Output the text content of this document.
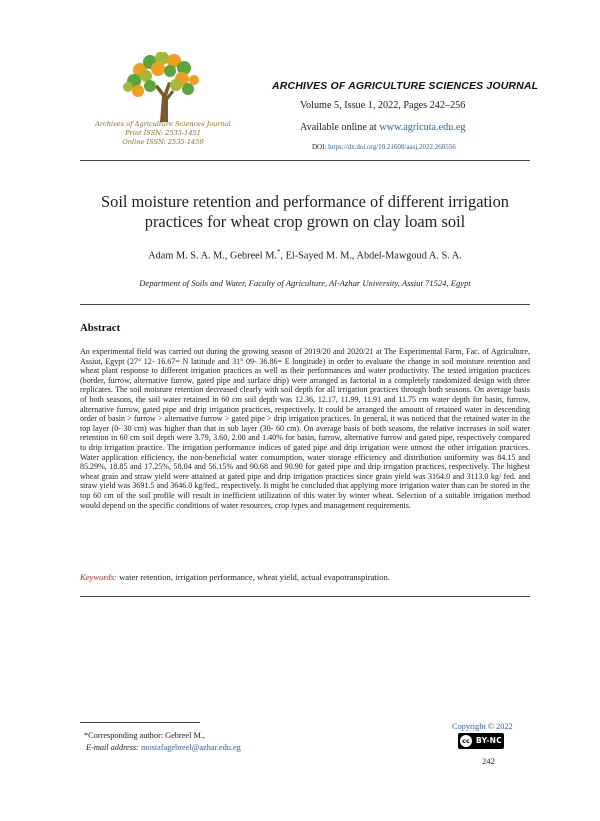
Archives of Agriculture Sciences Journal
Print ISSN: 2535-1451
Online ISSN: 2535-1459
ARCHIVES OF AGRICULTURE SCIENCES JOURNAL
Volume 5, Issue 1, 2022, Pages 242–256
Available online at www.agricuta.edu.eg
DOI: https://dx.doi.org/10.21608/aasj.2022.260556
Soil moisture retention and performance of different irrigation practices for wheat crop grown on clay loam soil
Adam M. S. A. M., Gebreel M.*, El-Sayed M. M., Abdel-Mawgoud A. S. A.
Department of Soils and Water, Faculty of Agriculture, Al-Azhar University, Assiut 71524, Egypt
Abstract
An experimental field was carried out during the growing season of 2019/20 and 2020/21 at The Experimental Farm, Fac. of Agriculture, Assiut, Egypt (27° 12- 16.67= N latitude and 31° 09- 36.86= E longitude) in order to evaluate the change in soil moisture retention and wheat plant response to different irrigation practices as well as their performances and water productivity. The tested irrigation practices (border, furrow, alternative furrow, gated pipe and surface drip) were arranged as factorial in a completely randomized design with three replicates. The soil moisture retention decreased clearly with soil depth for all irrigation practices through both seasons. On average basis of both seasons, the soil water retained in 60 cm soil depth was 12.36, 12.17, 11.99, 11.91 and 11.75 cm water depth for basin, furrow, alternative furrow, gated pipe and drip irrigation practices, respectively. It could be arranged the amount of retained water in descending order of basin > furrow > alternative furrow > gated pipe > drip irrigation practices. In general, it was noticed that the retained water in the top layer (0- 30 cm) was higher than that in sub layer (30- 60 cm). On average basis of both seasons, the relative increases in soil water retention in 60 cm soil depth were 3.79, 3.60, 2.00 and 1.40% for basin, furrow, alternative furrow and gated pipe, respectively compared to drip irrigation practice. The irrigation performance indices of gated pipe and drip irrigation were utmost the other irrigation practices. Water application efficiency, the non-beneficial water consumption, water storage efficiency and distribution uniformity was 84.15 and 85.29%, 18.85 and 17.25%, 58.04 and 56.15% and 90.68 and 90.90 for gated pipe and drip irrigation practices, respectively. The highest wheat grain and straw yield were attained at gated pipe and drip irrigation practices since grain yield was 3164.0 and 3113.0 kg/ fed. and straw yield was 3691.5 and 3646.0 kg/fed., respectively. It might be concluded that applying more irrigation water than can be stored in the top 60 cm of the soil profile will result in inefficient utilization of this water by winter wheat. Selection of a suitable irrigation method would depend on the specific conditions of water resources, crop types and management requirements.
Keywords: water retention, irrigation performance, wheat yield, actual evapotranspiration.
*Corresponding author: Gebreel M.,
E-mail address: mostafagebreel@azhar.edu.eg
Copyright © 2022
cc BY-NC
242
